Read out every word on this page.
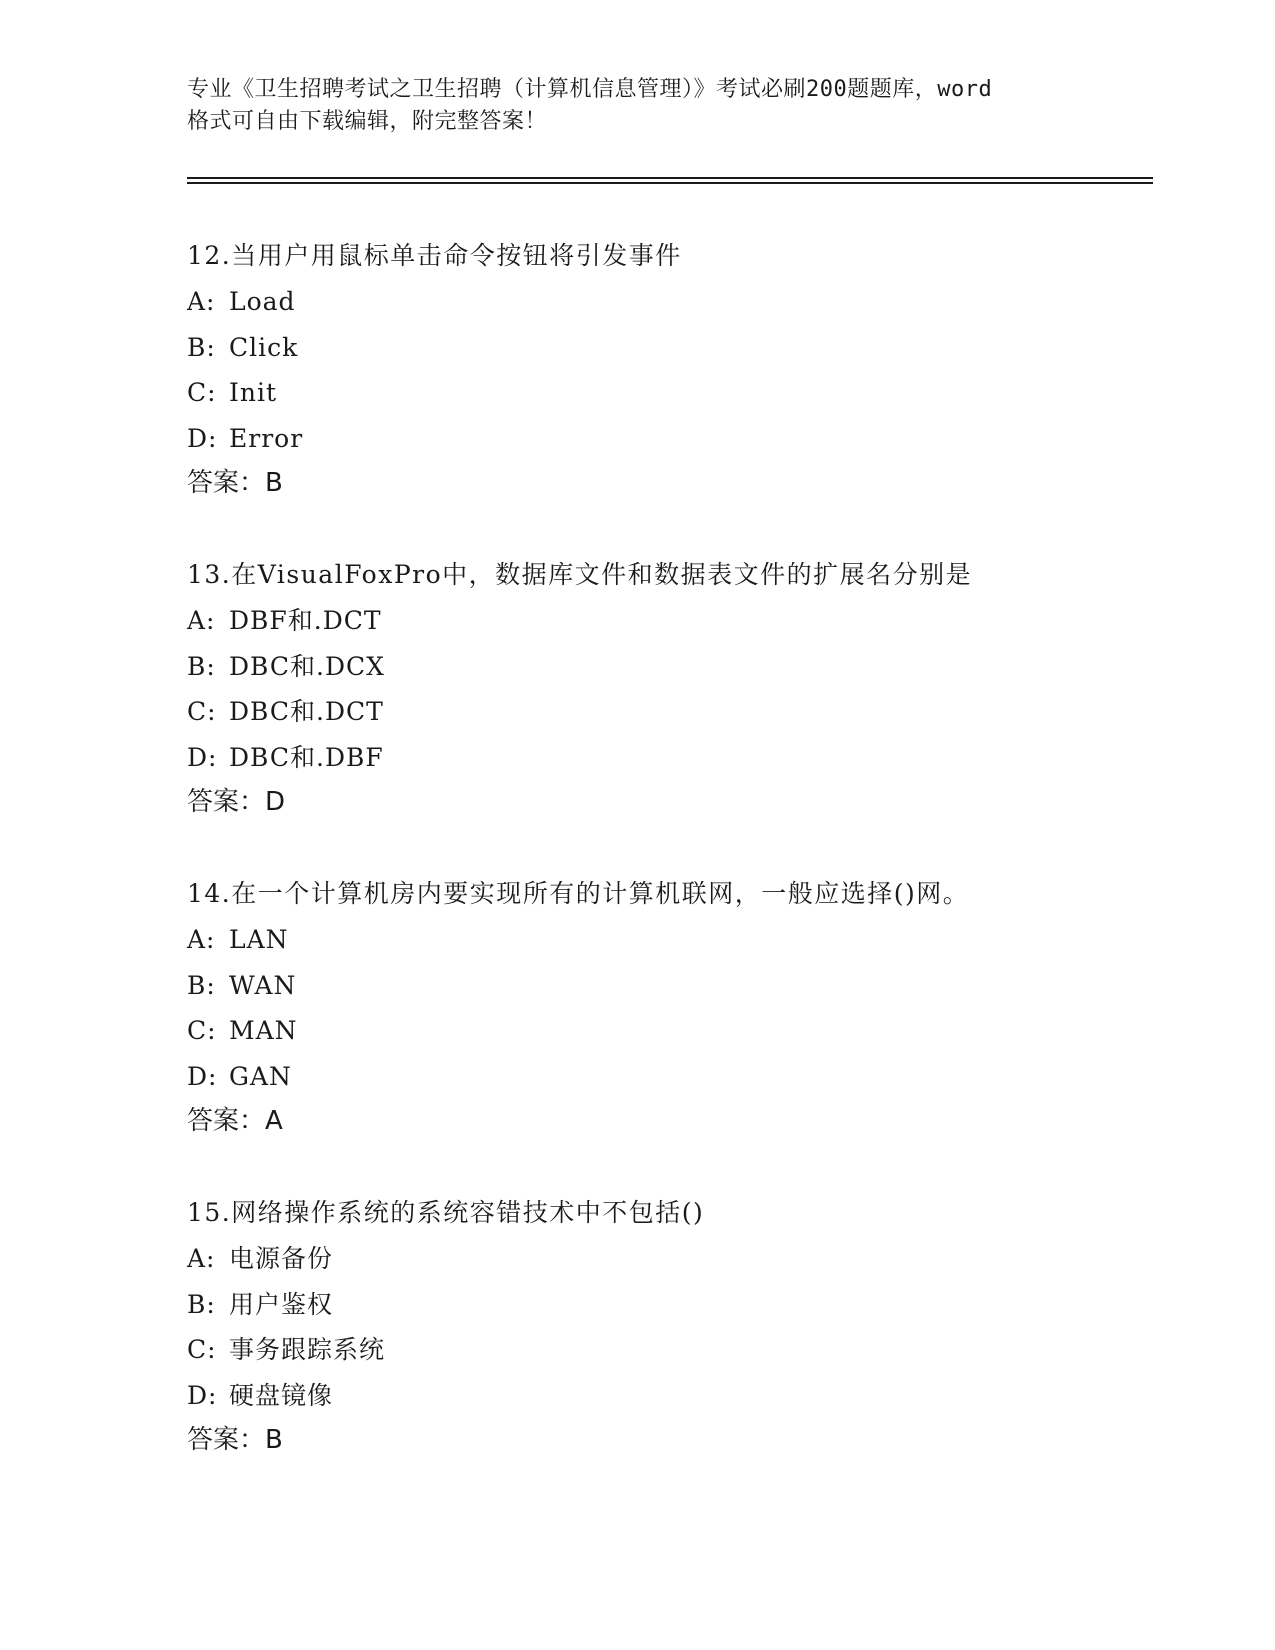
专业《卫生招聘考试之卫生招聘（计算机信息管理）》考试必刷200题题库，word
格式可自由下载编辑，附完整答案！
12.当用户用鼠标单击命令按钮将引发事件
A: Load
B: Click
C: Init
D: Error
答案：B
13.在VisualFoxPro中，数据库文件和数据表文件的扩展名分别是
A: DBF和.DCT
B: DBC和.DCX
C: DBC和.DCT
D: DBC和.DBF
答案：D
14.在一个计算机房内要实现所有的计算机联网，一般应选择()网。
A: LAN
B: WAN
C: MAN
D: GAN
答案：A
15.网络操作系统的系统容错技术中不包括()
A: 电源备份
B: 用户鉴权
C: 事务跟踪系统
D: 硬盘镜像
答案：B
